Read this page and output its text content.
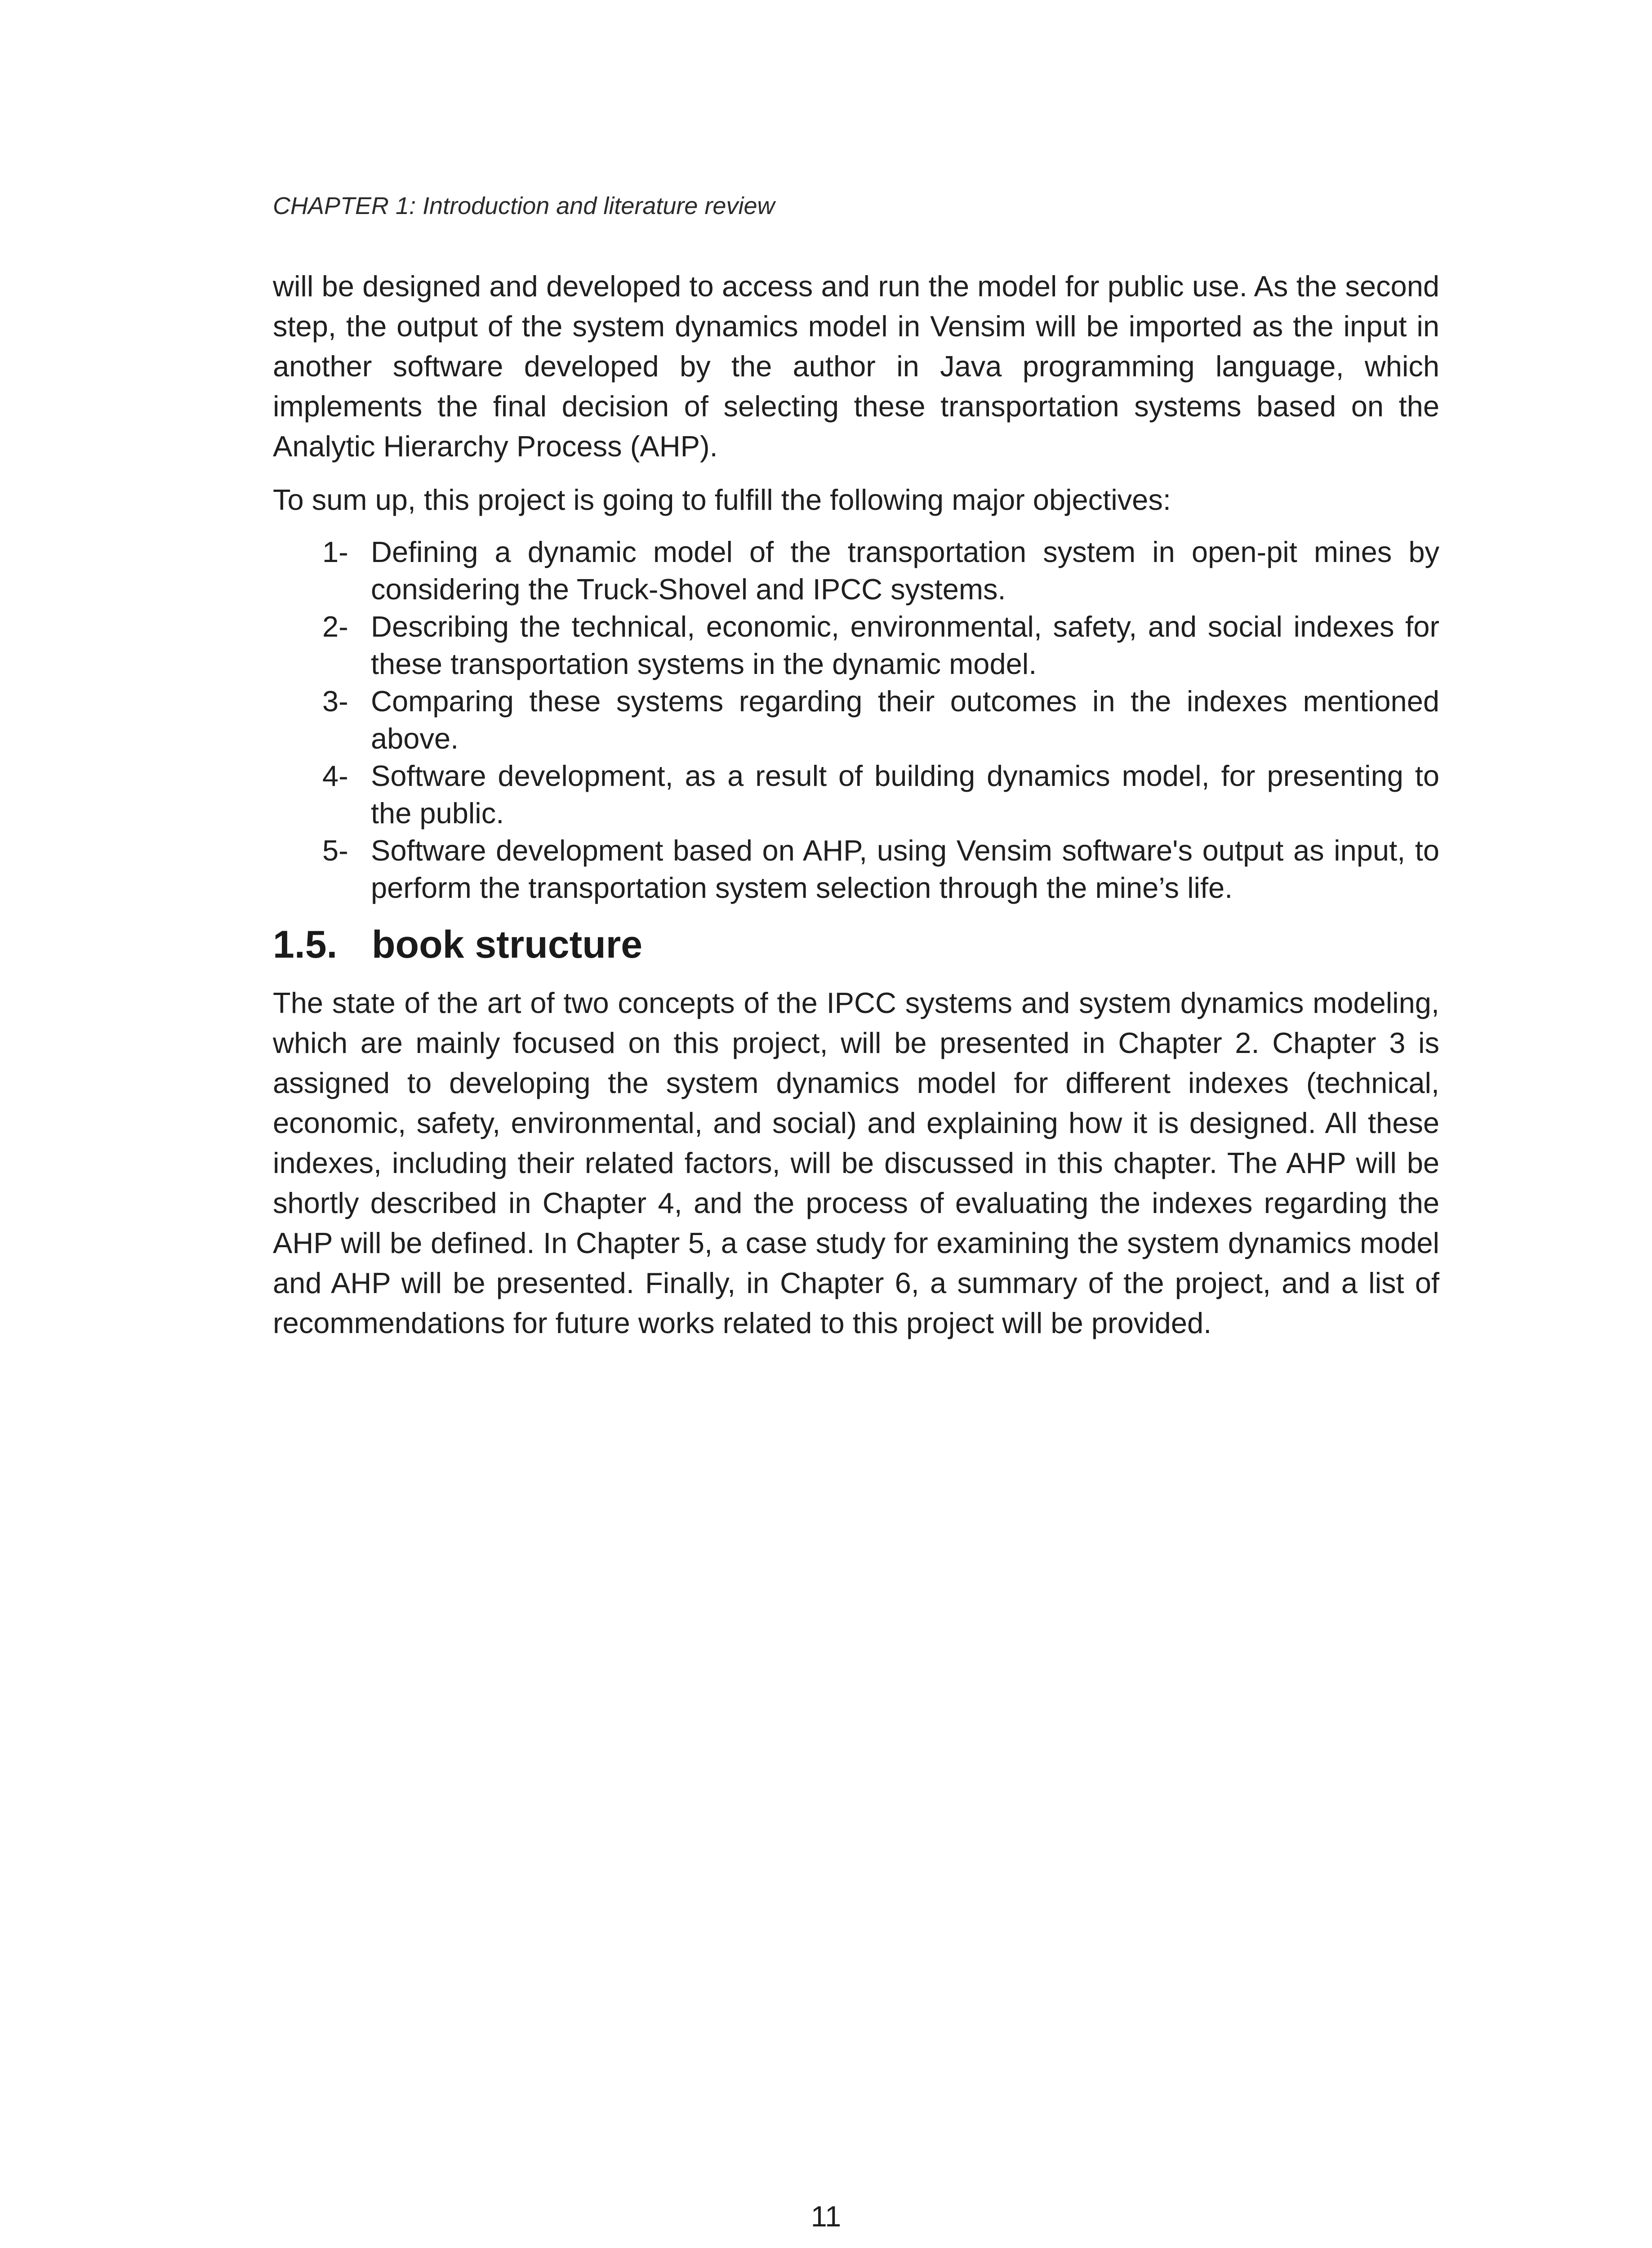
CHAPTER 1: Introduction and literature review

will be designed and developed to access and run the model for public use. As the second step, the output of the system dynamics model in Vensim will be imported as the input in another software developed by the author in Java programming language, which implements the final decision of selecting these transportation systems based on the Analytic Hierarchy Process (AHP).

To sum up, this project is going to fulfill the following major objectives:

1- Defining a dynamic model of the transportation system in open-pit mines by considering the Truck-Shovel and IPCC systems.
2- Describing the technical, economic, environmental, safety, and social indexes for these transportation systems in the dynamic model.
3- Comparing these systems regarding their outcomes in the indexes mentioned above.
4- Software development, as a result of building dynamics model, for presenting to the public.
5- Software development based on AHP, using Vensim software's output as input, to perform the transportation system selection through the mine’s life.
1.5. book structure

The state of the art of two concepts of the IPCC systems and system dynamics modeling, which are mainly focused on this project, will be presented in Chapter 2. Chapter 3 is assigned to developing the system dynamics model for different indexes (technical, economic, safety, environmental, and social) and explaining how it is designed. All these indexes, including their related factors, will be discussed in this chapter. The AHP will be shortly described in Chapter 4, and the process of evaluating the indexes regarding the AHP will be defined. In Chapter 5, a case study for examining the system dynamics model and AHP will be presented. Finally, in Chapter 6, a summary of the project, and a list of recommendations for future works related to this project will be provided.

11
